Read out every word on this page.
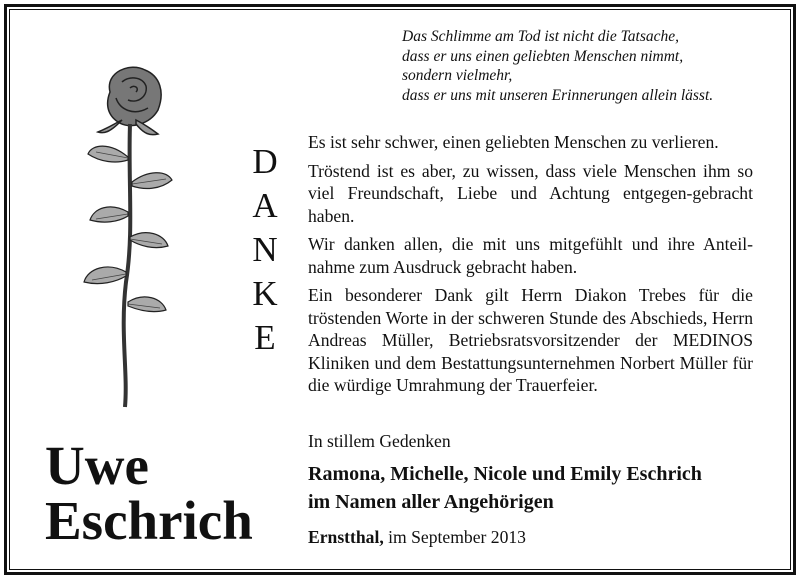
Das Schlimme am Tod ist nicht die Tatsache,
dass er uns einen geliebten Menschen nimmt,
sondern vielmehr,
dass er uns mit unseren Erinnerungen allein lässt.
D
A
N
K
E

Es ist sehr schwer, einen geliebten Menschen zu verlieren.

Tröstend ist es aber, zu wissen, dass viele Menschen ihm so viel Freundschaft, Liebe und Achtung entgegen-gebracht haben.

Wir danken allen, die mit uns mitgefühlt und ihre Anteil-nahme zum Ausdruck gebracht haben.

Ein besonderer Dank gilt Herrn Diakon Trebes für die tröstenden Worte in der schweren Stunde des Abschieds, Herrn Andreas Müller, Betriebsratsvorsitzender der MEDINOS Kliniken und dem Bestattungsunternehmen Norbert Müller für die würdige Umrahmung der Trauerfeier.

In stillem Gedenken
Ramona, Michelle, Nicole und Emily Eschrich
im Namen aller Angehörigen
Ernstthal, im September 2013
Uwe
Eschrich
